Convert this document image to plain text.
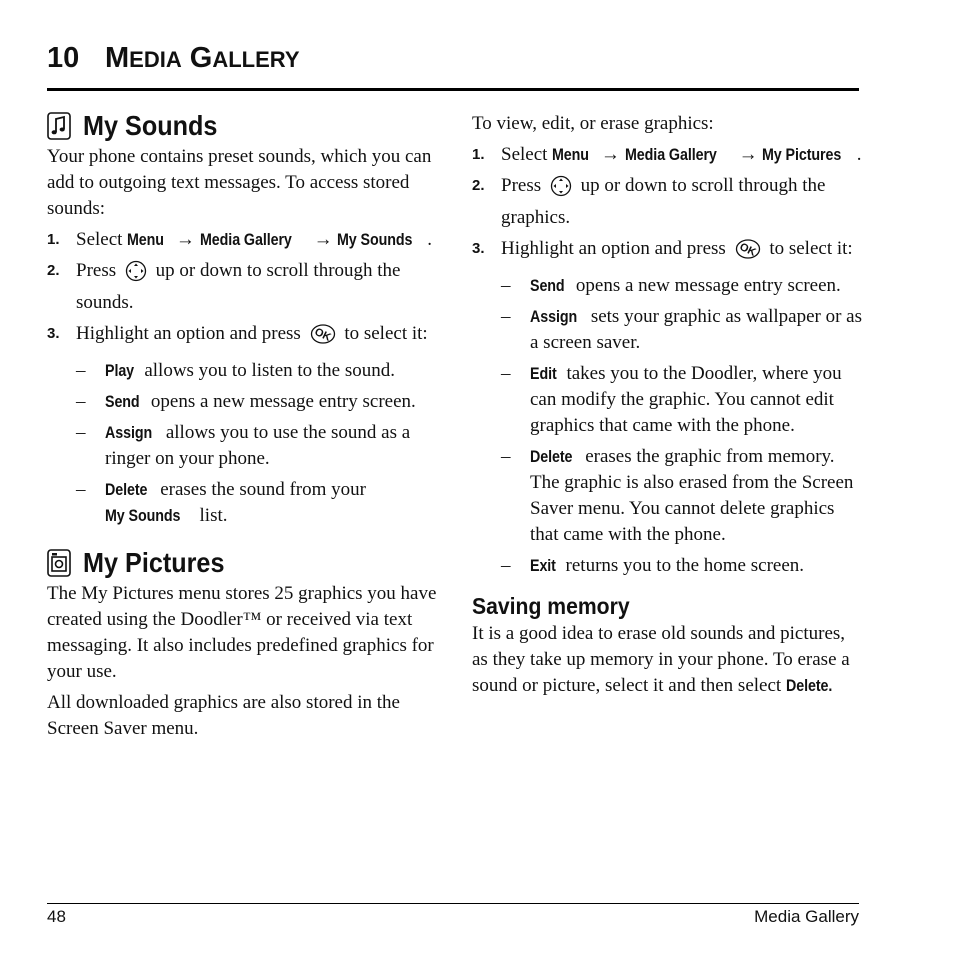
10 MEDIA GALLERY
My Sounds

Your phone contains preset sounds, which you can add to outgoing text messages. To access stored sounds:

1. Select Menu → Media Gallery → My Sounds .
2. Press up or down to scroll through the sounds.
3. Highlight an option and press OK to select it:
– Play allows you to listen to the sound.
– Send opens a new message entry screen.
– Assign allows you to use the sound as a ringer on your phone.
– Delete erases the sound from your My Sounds list.
My Pictures

The My Pictures menu stores 25 graphics you have created using the Doodler™ or received via text messaging. It also includes predefined graphics for your use.

All downloaded graphics are also stored in the Screen Saver menu.

To view, edit, or erase graphics:

1. Select Menu → Media Gallery → My Pictures .
2. Press up or down to scroll through the graphics.
3. Highlight an option and press OK to select it:
– Send opens a new message entry screen.
– Assign sets your graphic as wallpaper or as a screen saver.
– Edit takes you to the Doodler, where you can modify the graphic. You cannot edit graphics that came with the phone.
– Delete erases the graphic from memory. The graphic is also erased from the Screen Saver menu. You cannot delete graphics that came with the phone.
– Exit returns you to the home screen.
Saving memory

It is a good idea to erase old sounds and pictures, as they take up memory in your phone. To erase a sound or picture, select it and then select Delete.

48	Media Gallery
